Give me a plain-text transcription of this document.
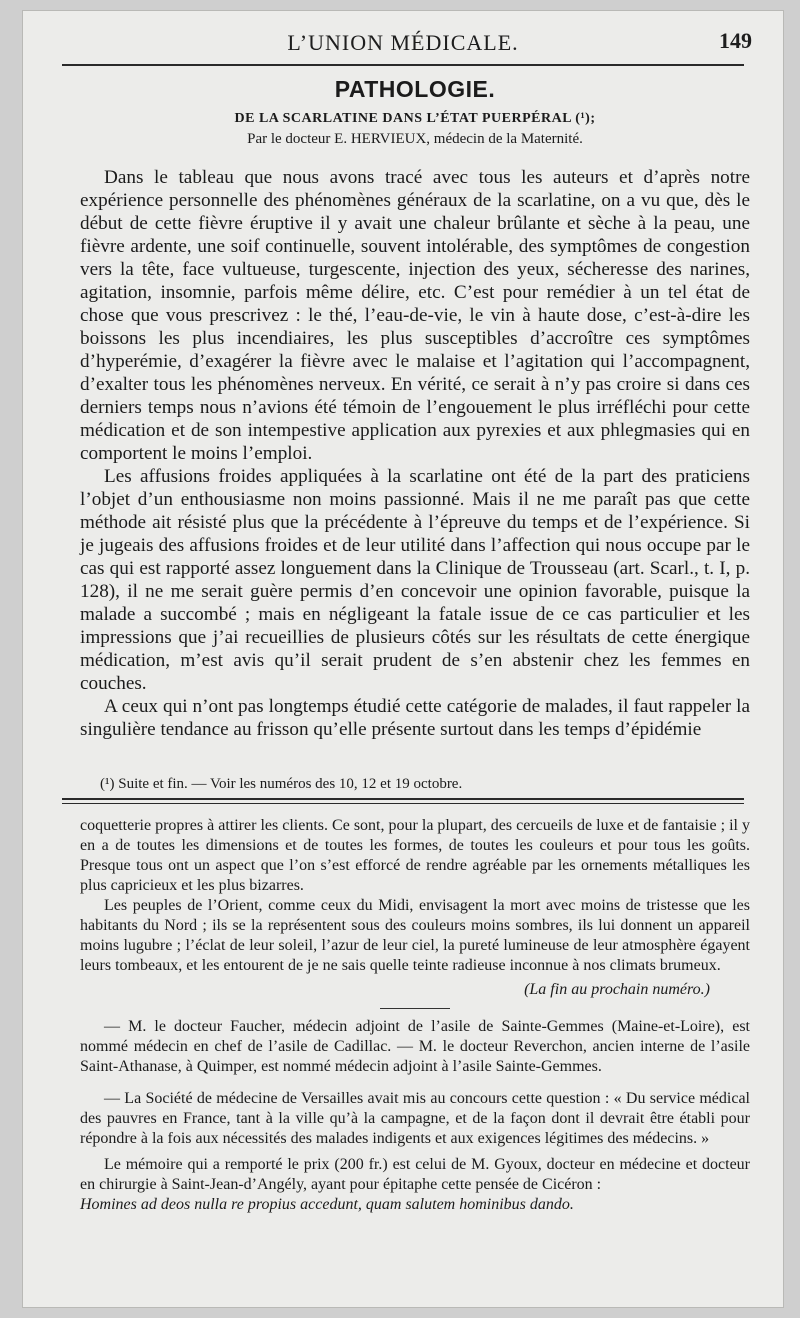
L’UNION MÉDICALE.	149
PATHOLOGIE.
DE LA SCARLATINE DANS L’ÉTAT PUERPÉRAL (¹);
Par le docteur E. HERVIEUX, médecin de la Maternité.

Dans le tableau que nous avons tracé avec tous les auteurs et d’après notre expérience personnelle des phénomènes généraux de la scarlatine, on a vu que, dès le début de cette fièvre éruptive il y avait une chaleur brûlante et sèche à la peau, une fièvre ardente, une soif continuelle, souvent intolérable, des symptômes de congestion vers la tête, face vultueuse, turgescente, injection des yeux, sécheresse des narines, agitation, insomnie, parfois même délire, etc. C’est pour remédier à un tel état de chose que vous prescrivez : le thé, l’eau-de-vie, le vin à haute dose, c’est-à-dire les boissons les plus incendiaires, les plus susceptibles d’accroître ces symptômes d’hyperémie, d’exagérer la fièvre avec le malaise et l’agitation qui l’accompagnent, d’exalter tous les phénomènes nerveux. En vérité, ce serait à n’y pas croire si dans ces derniers temps nous n’avions été témoin de l’engouement le plus irréfléchi pour cette médication et de son intempestive application aux pyrexies et aux phlegmasies qui en comportent le moins l’emploi.

Les affusions froides appliquées à la scarlatine ont été de la part des praticiens l’objet d’un enthousiasme non moins passionné. Mais il ne me paraît pas que cette méthode ait résisté plus que la précédente à l’épreuve du temps et de l’expérience. Si je jugeais des affusions froides et de leur utilité dans l’affection qui nous occupe par le cas qui est rapporté assez longuement dans la Clinique de Trousseau (art. Scarl., t. I, p. 128), il ne me serait guère permis d’en concevoir une opinion favorable, puisque la malade a succombé ; mais en négligeant la fatale issue de ce cas particulier et les impressions que j’ai recueillies de plusieurs côtés sur les résultats de cette énergique médication, m’est avis qu’il serait prudent de s’en abstenir chez les femmes en couches.

A ceux qui n’ont pas longtemps étudié cette catégorie de malades, il faut rappeler la singulière tendance au frisson qu’elle présente surtout dans les temps d’épidémie

(¹) Suite et fin. — Voir les numéros des 10, 12 et 19 octobre.

coquetterie propres à attirer les clients. Ce sont, pour la plupart, des cercueils de luxe et de fantaisie ; il y en a de toutes les dimensions et de toutes les formes, de toutes les couleurs et pour tous les goûts. Presque tous ont un aspect que l’on s’est efforcé de rendre agréable par les ornements métalliques les plus capricieux et les plus bizarres.

Les peuples de l’Orient, comme ceux du Midi, envisagent la mort avec moins de tristesse que les habitants du Nord ; ils se la représentent sous des couleurs moins sombres, ils lui donnent un appareil moins lugubre ; l’éclat de leur soleil, l’azur de leur ciel, la pureté lumineuse de leur atmosphère égayent leurs tombeaux, et les entourent de je ne sais quelle teinte radieuse inconnue à nos climats brumeux.

(La fin au prochain numéro.)

— M. le docteur Faucher, médecin adjoint de l’asile de Sainte-Gemmes (Maine-et-Loire), est nommé médecin en chef de l’asile de Cadillac. — M. le docteur Reverchon, ancien interne de l’asile Saint-Athanase, à Quimper, est nommé médecin adjoint à l’asile Sainte-Gemmes.

— La Société de médecine de Versailles avait mis au concours cette question : « Du service médical des pauvres en France, tant à la ville qu’à la campagne, et de la façon dont il devrait être établi pour répondre à la fois aux nécessités des malades indigents et aux exigences légitimes des médecins. »

Le mémoire qui a remporté le prix (200 fr.) est celui de M. Gyoux, docteur en médecine et docteur en chirurgie à Saint-Jean-d’Angély, ayant pour épitaphe cette pensée de Cicéron :

Homines ad deos nulla re propius accedunt, quam salutem hominibus dando.
